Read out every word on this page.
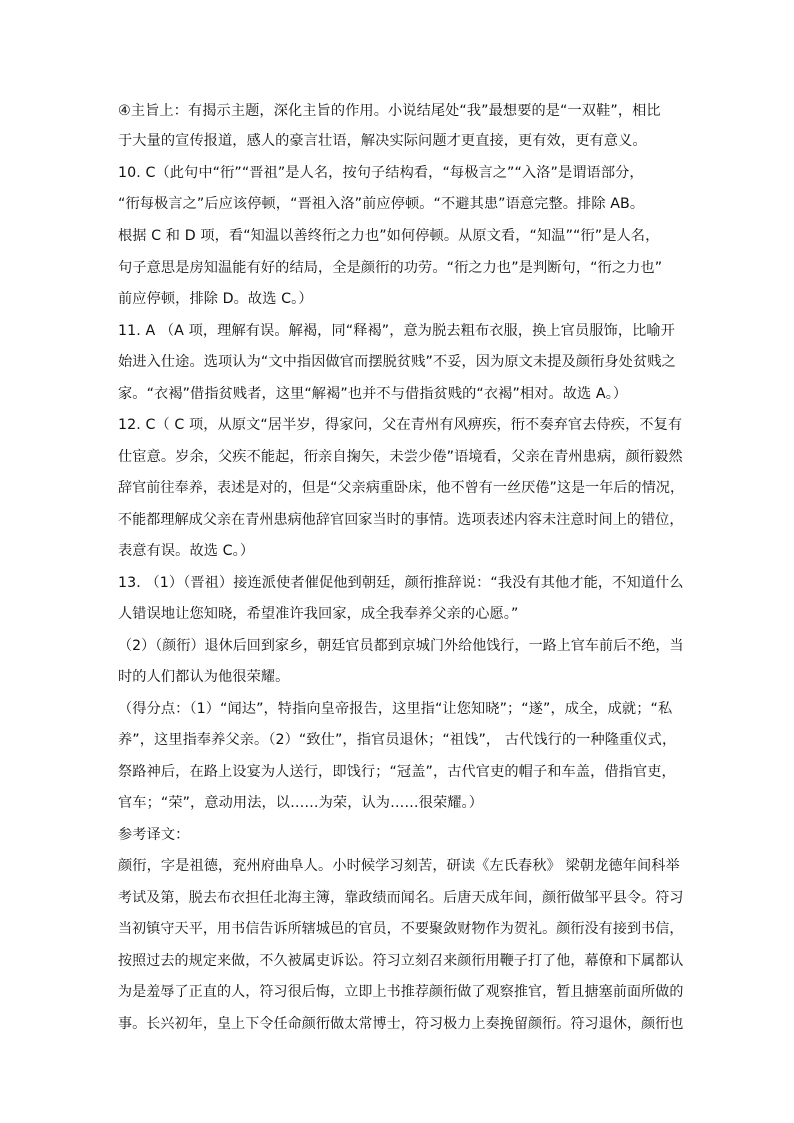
④主旨上：有揭示主题，深化主旨的作用。小说结尾处“我”最想要的是“一双鞋”，相比
于大量的宣传报道，感人的豪言壮语，解决实际问题才更直接，更有效，更有意义。
10. C（此句中“衎”“晋祖”是人名，按句子结构看，“每极言之”“入洛”是谓语部分，
“衎每极言之”后应该停顿，“晋祖入洛”前应停顿。“不避其患”语意完整。排除 AB。
根据 C 和 D 项，看“知温以善终衎之力也”如何停顿。从原文看，“知温”“衎”是人名，
句子意思是房知温能有好的结局，全是颜衎的功劳。“衎之力也”是判断句，“衎之力也”
前应停顿，排除 D。故选 C。）
11. A （A 项，理解有误。解褐，同“释褐”，意为脱去粗布衣服，换上官员服饰，比喻开
始进入仕途。选项认为“文中指因做官而摆脱贫贱”不妥，因为原文未提及颜衎身处贫贱之
家。“衣褐”借指贫贱者，这里“解褐”也并不与借指贫贱的“衣褐”相对。故选 A。）
12. C（ C 项，从原文“居半岁，得家问，父在青州有风痹疾，衎不奏弃官去侍疾，不复有
仕宦意。岁余，父疾不能起，衎亲自掬矢，未尝少倦”语境看，父亲在青州患病，颜衎毅然
辞官前往奉养，表述是对的，但是“父亲病重卧床，他不曾有一丝厌倦”这是一年后的情况，
不能都理解成父亲在青州患病他辞官回家当时的事情。选项表述内容未注意时间上的错位，
表意有误。故选 C。）
13. （1）（晋祖）接连派使者催促他到朝廷，颜衎推辞说：“我没有其他才能，不知道什么
人错误地让您知晓，希望准许我回家，成全我奉养父亲的心愿。”
（2）（颜衎）退休后回到家乡，朝廷官员都到京城门外给他饯行，一路上官车前后不绝，当
时的人们都认为他很荣耀。
（得分点：（1）“闻达”，特指向皇帝报告，这里指“让您知晓”；“遂”，成全，成就；“私
养”，这里指奉养父亲。（2）“致仕”，指官员退休；“祖饯”， 古代饯行的一种隆重仪式，
祭路神后，在路上设宴为人送行，即饯行；“冠盖”，古代官吏的帽子和车盖，借指官吏，
官车；“荣”，意动用法，以……为荣，认为……很荣耀。）
参考译文：
颜衎，字是祖德，兖州府曲阜人。小时候学习刻苦，研读《左氏春秋》 梁朝龙德年间科举
考试及第，脱去布衣担任北海主簿，靠政绩而闻名。后唐天成年间，颜衎做邹平县令。符习
当初镇守天平，用书信告诉所辖城邑的官员，不要聚敛财物作为贺礼。颜衎没有接到书信，
按照过去的规定来做，不久被属吏诉讼。符习立刻召来颜衎用鞭子打了他，幕僚和下属都认
为是羞辱了正直的人，符习很后悔，立即上书推荐颜衎做了观察推官，暂且搪塞前面所做的
事。长兴初年，皇上下令任命颜衎做太常博士，符习极力上奏挽留颜衎。符习退休，颜衎也
